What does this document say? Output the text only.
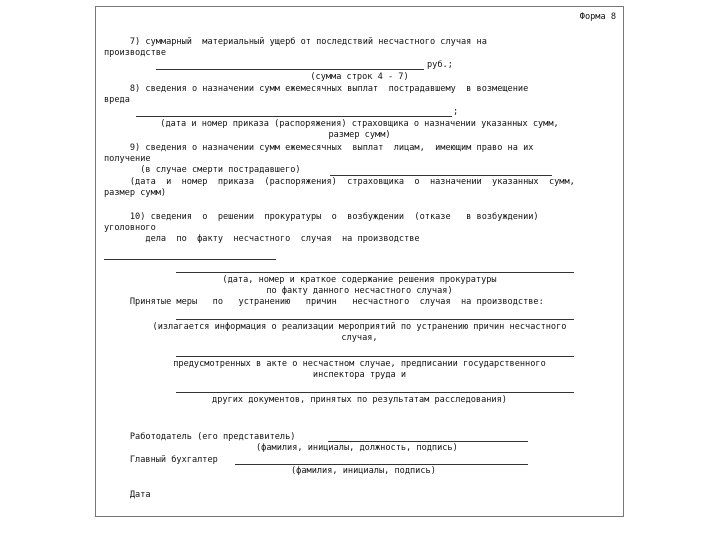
Форма 8
7) суммарный  материальный ущерб от последствий несчастного случая на
производстве
руб.;
(сумма строк 4 - 7)
8) сведения о назначении сумм ежемесячных выплат  пострадавшему  в возмещение
вреда
;
(дата и номер приказа (распоряжения) страховщика о назначении указанных сумм,
размер сумм)
9) сведения о назначении сумм ежемесячных  выплат  лицам,  имеющим право на их
получение
(в случае смерти пострадавшего)
(дата  и  номер  приказа  (распоряжения)  страховщика  о  назначении  указанных  сумм,
размер сумм)
10) сведения  о  решении  прокуратуры  о  возбуждении  (отказе   в возбуждении)
уголовного
дела  по  факту  несчастного  случая  на производстве
(дата, номер и краткое содержание решения прокуратуры
по факту данного несчастного случая)
Принятые меры   по   устранению   причин   несчастного  случая  на производстве:
(излагается информация о реализации мероприятий по устранению причин несчастного
случая,
предусмотренных в акте о несчастном случае, предписании государственного
инспектора труда и
других документов, принятых по результатам расследования)
Работодатель (его представитель)
(фамилия, инициалы, должность, подпись)
Главный бухгалтер
(фамилия, инициалы, подпись)
Дата
